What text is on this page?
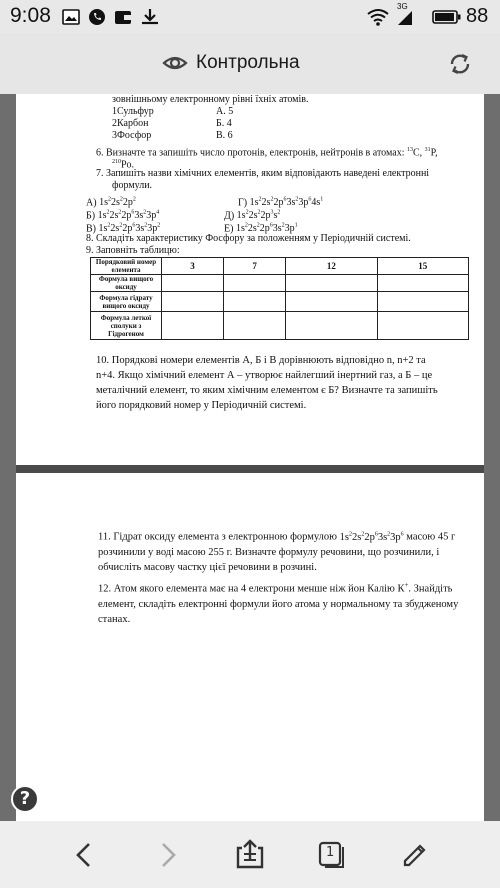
9:08	3G	88
Контрольна
зовнішньому електронному рівні їхніх атомів.
1Сульфур	А. 5
2Карбон	Б. 4
3Фосфор	В. 6
6. Визначте та запишіть число протонів, електронів, нейтронів в атомах: $^{13}$C, $^{31}$P,
$^{210}$Po.
7. Запишіть назви хімічних елементів, яким відповідають наведені електронні
формули.
А) $1s^22s^22p^2$	Г) $1s^22s^22p^63s^23p^64s^1$
Б) $1s^22s^22p^63s^23p^4$	Д) $1s^22s^22p^3s^2$
В) $1s^22s^22p^63s^23p^2$	Е) $1s^22s^22p^63s^23p^1$
8. Складіть характеристику Фосфору за положенням у Періодичній системі.
9. Заповніть таблицю:
Порядковий номер елемента	3	7	12	15
Формула вищого оксиду				
Формула гідрату вищого оксиду				
Формула леткої сполуки з Гідрогеном				
10. Порядкові номери елементів А, Б і В дорівнюють відповідно n, n+2 та n+4. Якщо хімічний елемент А – утворює найлегший інертний газ, а Б – це металічний елемент, то яким хімічним елементом є Б? Визначте та запишіть його порядковий номер у Періодичній системі.
11. Гідрат оксиду елемента з електронною формулою $1s^22s^22p^63s^23p^6$ масою 45 г розчинили у воді масою 255 г. Визначте формулу речовини, що розчинили, і обчисліть масову частку цієї речовини в розчині.
12. Атом якого елемента має на 4 електрони менше ніж йон Калію К+. Знайдіть елемент, складіть електронні формули його атома у нормальному та збудженому станах.
?
1
